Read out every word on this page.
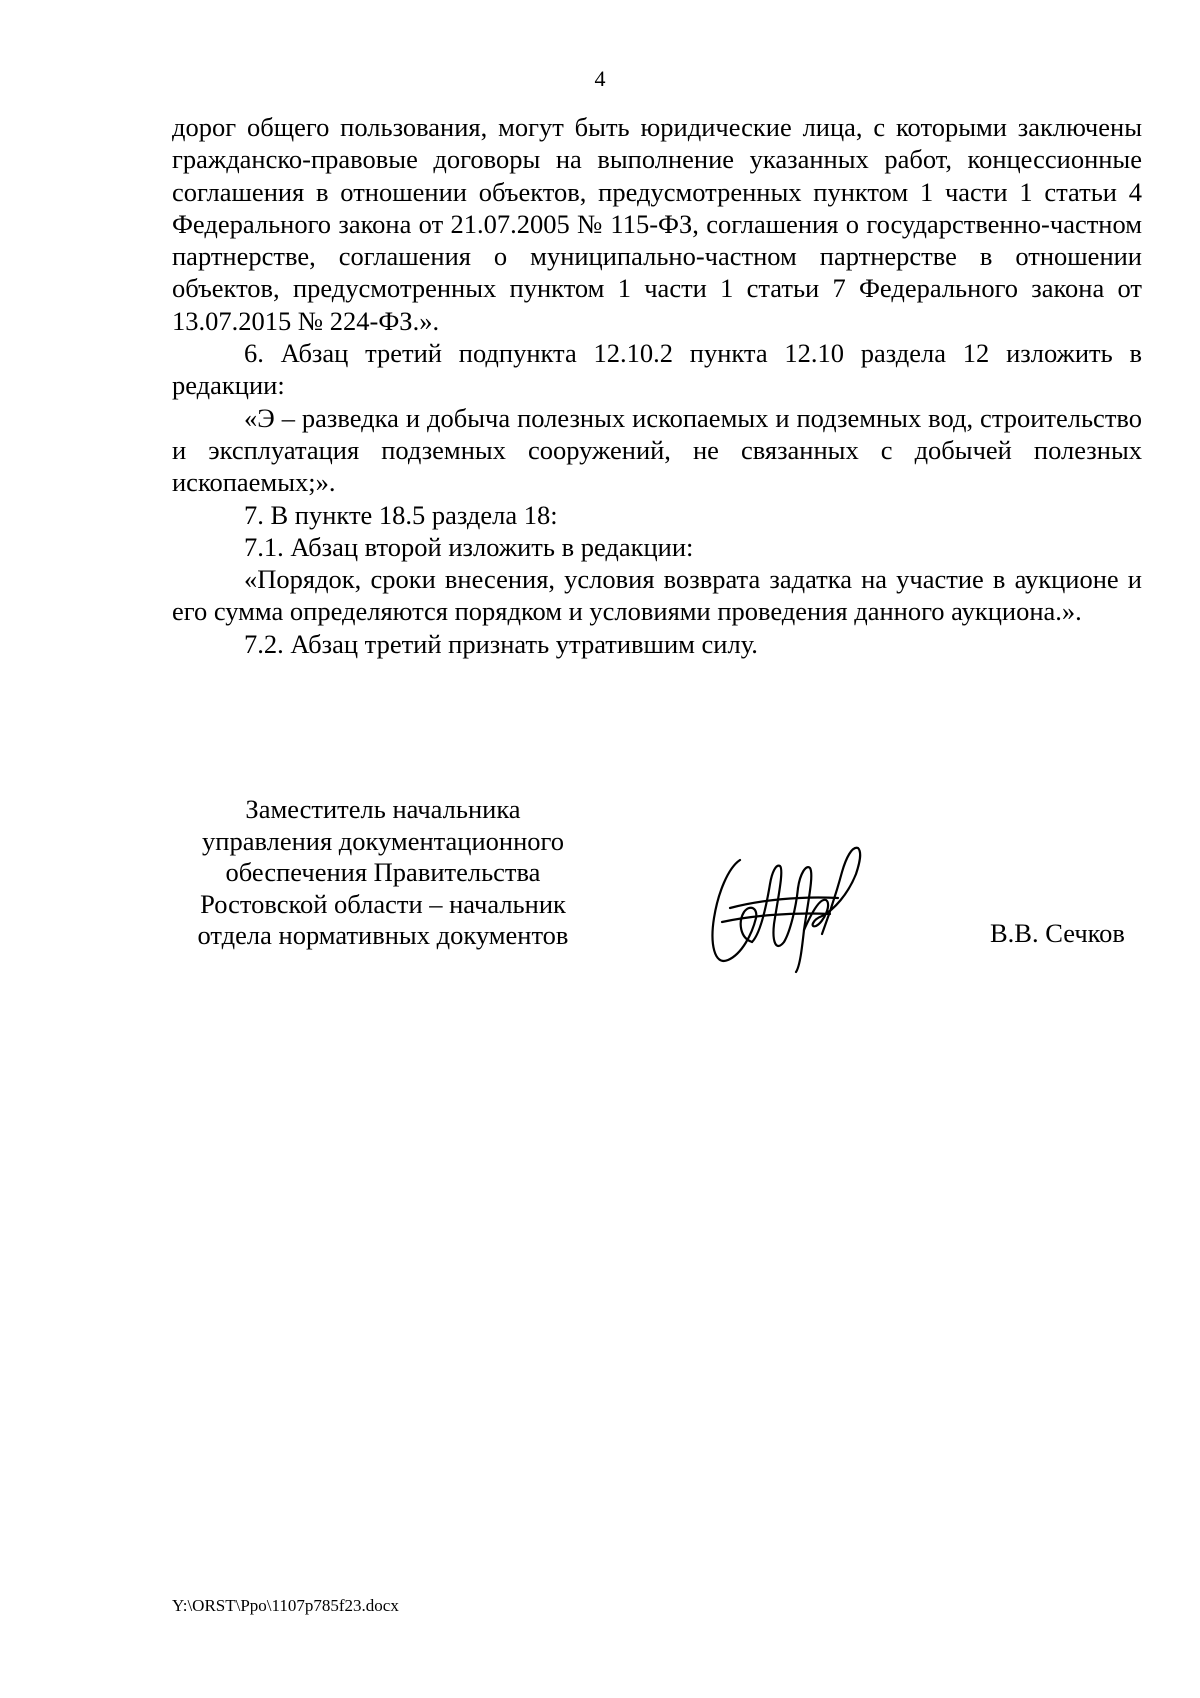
4

дорог общего пользования, могут быть юридические лица, с которыми заключены гражданско-правовые договоры на выполнение указанных работ, концессионные соглашения в отношении объектов, предусмотренных пунктом 1 части 1 статьи 4 Федерального закона от 21.07.2005 № 115-ФЗ, соглашения о государственно-частном партнерстве, соглашения о муниципально-частном партнерстве в отношении объектов, предусмотренных пунктом 1 части 1 статьи 7 Федерального закона от 13.07.2015 № 224-ФЗ.».

6. Абзац третий подпункта 12.10.2 пункта 12.10 раздела 12 изложить в редакции:

«Э – разведка и добыча полезных ископаемых и подземных вод, строительство и эксплуатация подземных сооружений, не связанных с добычей полезных ископаемых;».

7. В пункте 18.5 раздела 18:

7.1. Абзац второй изложить в редакции:

«Порядок, сроки внесения, условия возврата задатка на участие в аукционе и его сумма определяются порядком и условиями проведения данного аукциона.».

7.2. Абзац третий признать утратившим силу.

Заместитель начальника
управления документационного
обеспечения Правительства
Ростовской области – начальник
отдела нормативных документов	В.В. Сечков
Y:\ORST\Ppo\1107p785f23.docx
